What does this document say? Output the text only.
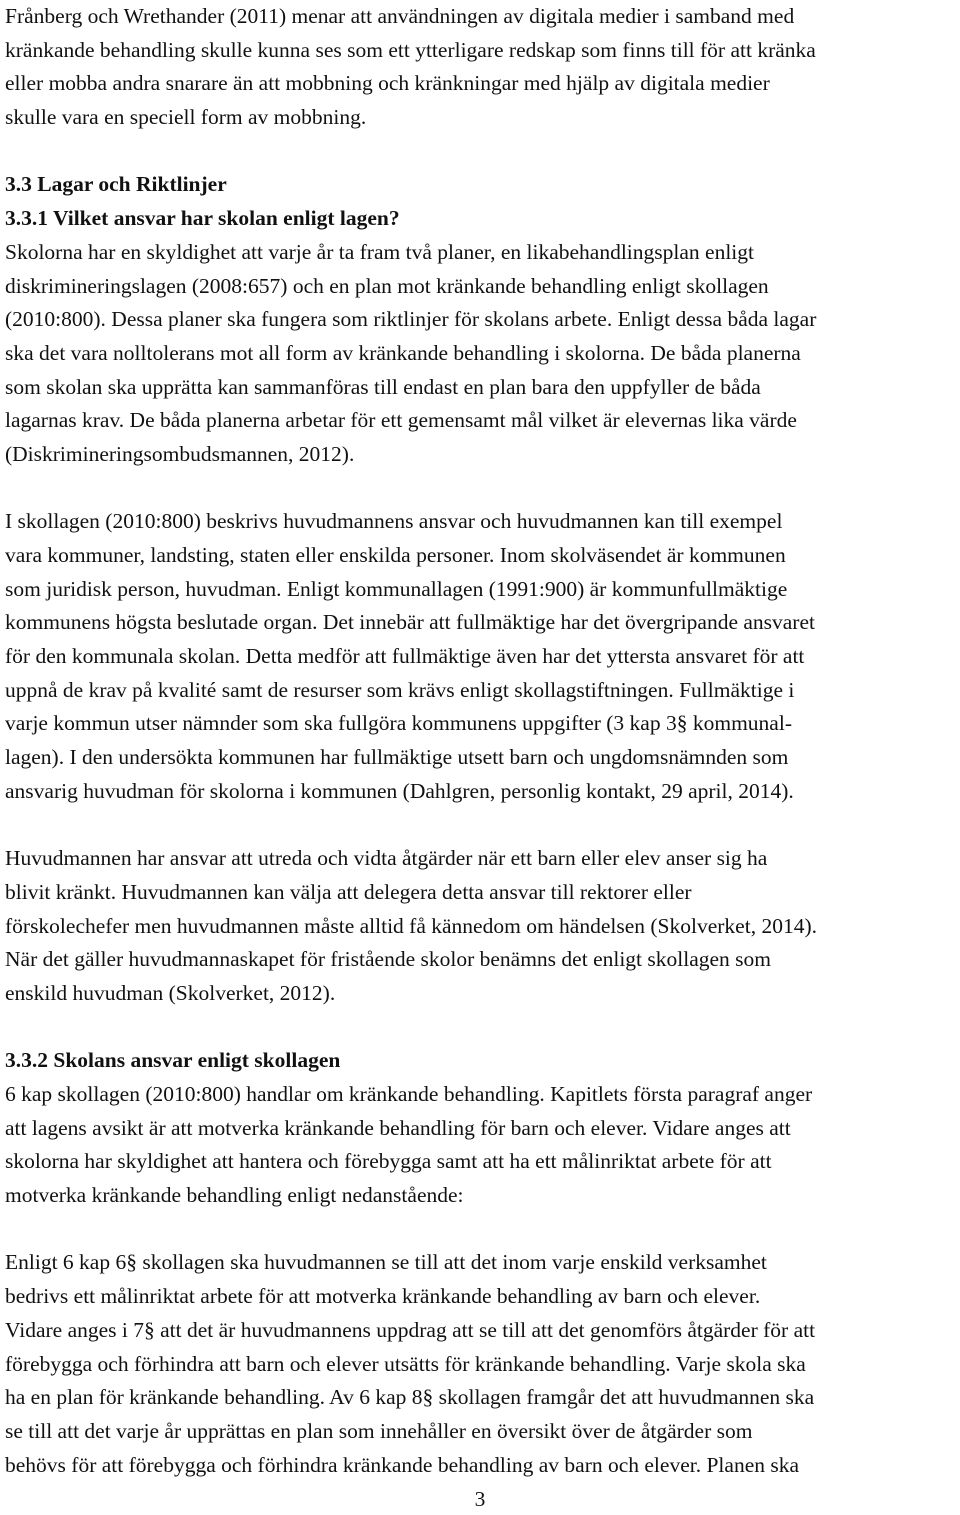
Frånberg och Wrethander (2011) menar att användningen av digitala medier i samband med
kränkande behandling skulle kunna ses som ett ytterligare redskap som finns till för att kränka
eller mobba andra snarare än att mobbning och kränkningar med hjälp av digitala medier
skulle vara en speciell form av mobbning.
3.3 Lagar och Riktlinjer
3.3.1 Vilket ansvar har skolan enligt lagen?
Skolorna har en skyldighet att varje år ta fram två planer, en likabehandlingsplan enligt
diskrimineringslagen (2008:657) och en plan mot kränkande behandling enligt skollagen
(2010:800). Dessa planer ska fungera som riktlinjer för skolans arbete. Enligt dessa båda lagar
ska det vara nolltolerans mot all form av kränkande behandling i skolorna. De båda planerna
som skolan ska upprätta kan sammanföras till endast en plan bara den uppfyller de båda
lagarnas krav. De båda planerna arbetar för ett gemensamt mål vilket är elevernas lika värde
(Diskrimineringsombudsmannen, 2012).
I skollagen (2010:800) beskrivs huvudmannens ansvar och huvudmannen kan till exempel
vara kommuner, landsting, staten eller enskilda personer. Inom skolväsendet är kommunen
som juridisk person, huvudman. Enligt kommunallagen (1991:900) är kommunfullmäktige
kommunens högsta beslutade organ. Det innebär att fullmäktige har det övergripande ansvaret
för den kommunala skolan. Detta medför att fullmäktige även har det yttersta ansvaret för att
uppnå de krav på kvalité samt de resurser som krävs enligt skollagstiftningen. Fullmäktige i
varje kommun utser nämnder som ska fullgöra kommunens uppgifter (3 kap 3§ kommunal-
lagen). I den undersökta kommunen har fullmäktige utsett barn och ungdomsnämnden som
ansvarig huvudman för skolorna i kommunen (Dahlgren, personlig kontakt, 29 april, 2014).
Huvudmannen har ansvar att utreda och vidta åtgärder när ett barn eller elev anser sig ha
blivit kränkt. Huvudmannen kan välja att delegera detta ansvar till rektorer eller
förskolechefer men huvudmannen måste alltid få kännedom om händelsen (Skolverket, 2014).
När det gäller huvudmannaskapet för fristående skolor benämns det enligt skollagen som
enskild huvudman (Skolverket, 2012).
3.3.2 Skolans ansvar enligt skollagen
6 kap skollagen (2010:800) handlar om kränkande behandling. Kapitlets första paragraf anger
att lagens avsikt är att motverka kränkande behandling för barn och elever. Vidare anges att
skolorna har skyldighet att hantera och förebygga samt att ha ett målinriktat arbete för att
motverka kränkande behandling enligt nedanstående:
Enligt 6 kap 6§ skollagen ska huvudmannen se till att det inom varje enskild verksamhet
bedrivs ett målinriktat arbete för att motverka kränkande behandling av barn och elever.
Vidare anges i 7§ att det är huvudmannens uppdrag att se till att det genomförs åtgärder för att
förebygga och förhindra att barn och elever utsätts för kränkande behandling. Varje skola ska
ha en plan för kränkande behandling. Av 6 kap 8§ skollagen framgår det att huvudmannen ska
se till att det varje år upprättas en plan som innehåller en översikt över de åtgärder som
behövs för att förebygga och förhindra kränkande behandling av barn och elever. Planen ska
3
